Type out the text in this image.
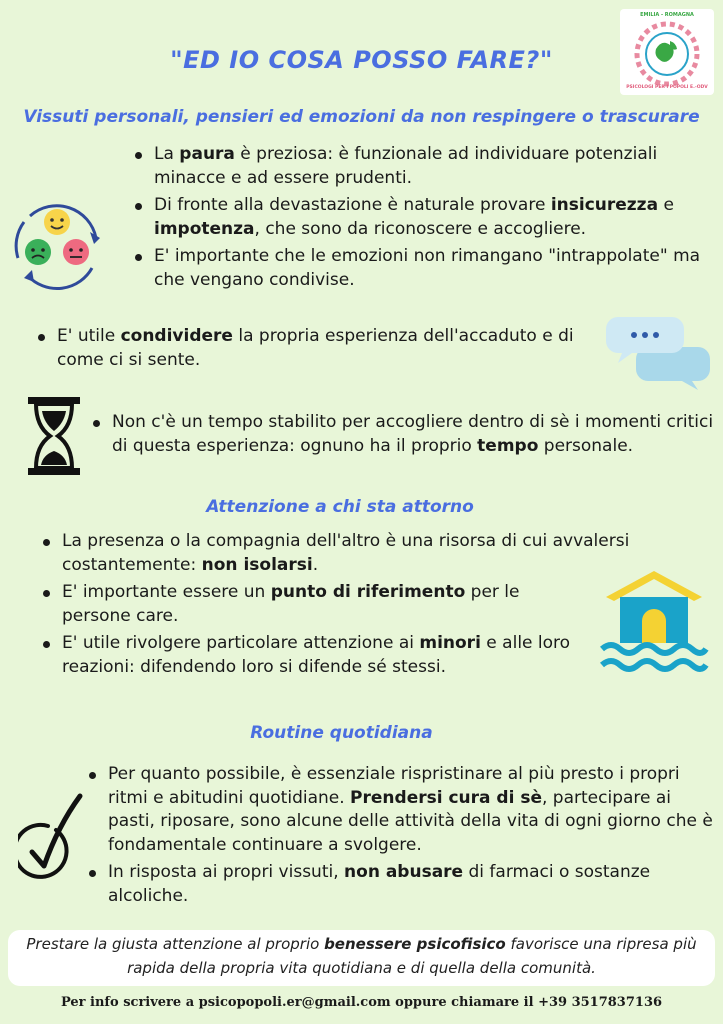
EMILIA - ROMAGNA
PSICOLOGI PER I POPOLI E.-ODV
"ED IO COSA POSSO FARE?"
Vissuti personali, pensieri ed emozioni da non respingere o trascurare
La paura è preziosa: è funzionale ad individuare potenziali minacce e ad essere prudenti.
Di fronte alla devastazione è naturale provare insicurezza e impotenza, che sono da riconoscere e accogliere.
E' importante che le emozioni non rimangano "intrappolate" ma che vengano condivise.
E' utile condividere la propria esperienza dell'accaduto e di come ci si sente.
Non c'è un tempo stabilito per accogliere dentro di sè i momenti critici di questa esperienza: ognuno ha il proprio tempo personale.
Attenzione a chi sta attorno
La presenza o la compagnia dell'altro è una risorsa di cui avvalersi costantemente: non isolarsi.
E' importante essere un punto di riferimento per le persone care.
E' utile rivolgere particolare attenzione ai minori e alle loro reazioni: difendendo loro si difende sé stessi.
Routine quotidiana
Per quanto possibile, è essenziale rispristinare al più presto i propri ritmi e abitudini quotidiane. Prendersi cura di sè, partecipare ai pasti, riposare, sono alcune delle attività della vita di ogni giorno che è fondamentale continuare a svolgere.
In risposta ai propri vissuti, non abusare di farmaci o sostanze alcoliche.
Prestare la giusta attenzione al proprio benessere psicofisico favorisce una ripresa più rapida della propria vita quotidiana e di quella della comunità.
Per info scrivere a psicopopoli.er@gmail.com oppure chiamare il +39 3517837136
